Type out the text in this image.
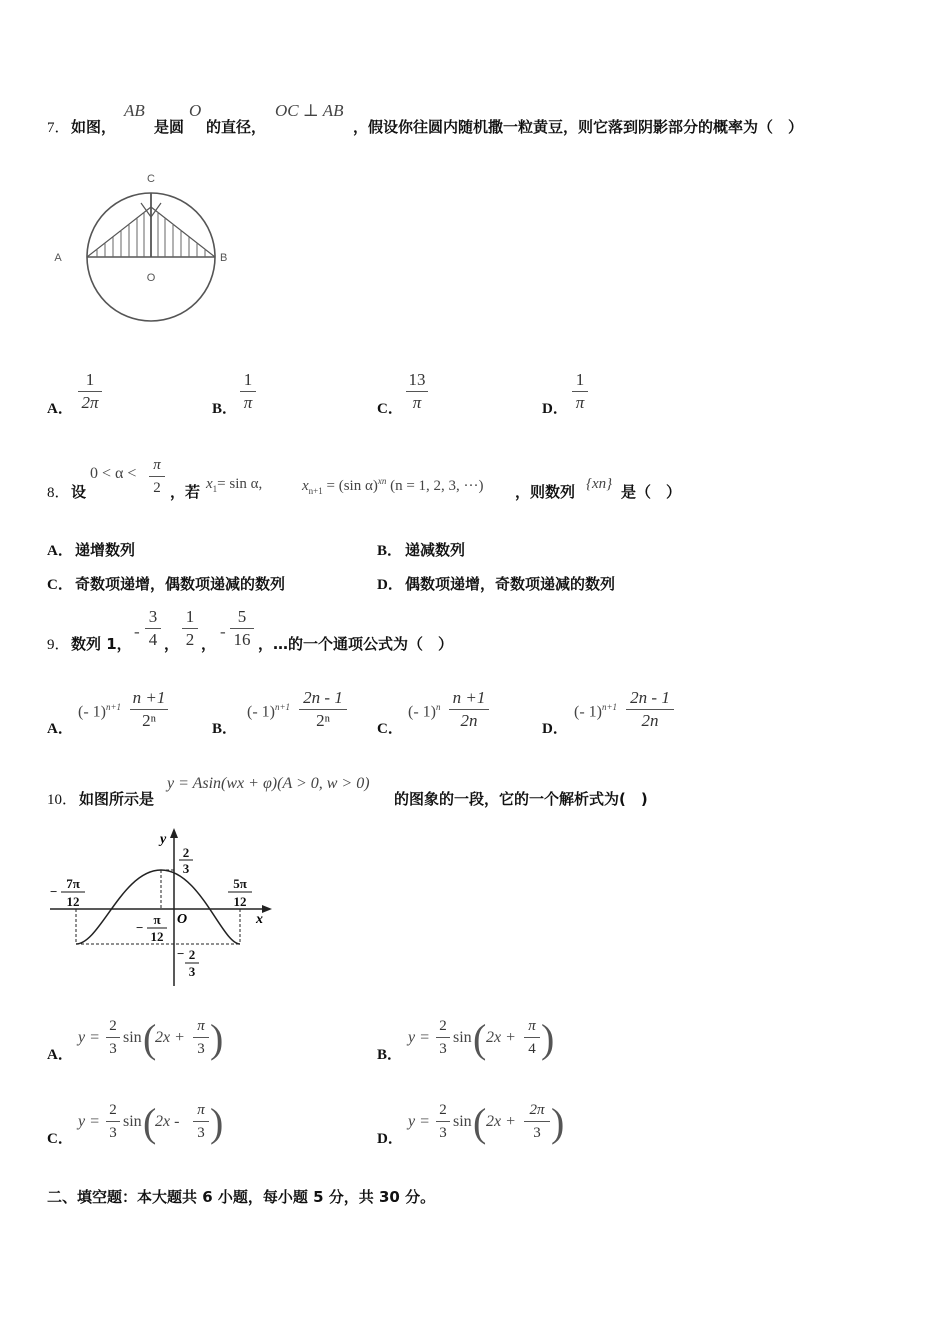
7． 如图，
AB
是圆
O
的直径，
OC ⊥ AB
，假设你往圆内随机撒一粒黄豆，则它落到阴影部分的概率为（　）
C
A	B
O
A．
1
2π	B．
1
π	C．
13
π	D．
1
π
8． 设
0 < α < π
2 ，若 $x_1= \sin \alpha$,	$x_{n+1} = (\sin$ α)$^{xn}$ (n = 1, 2, 3, ···) ，则数列 {xn} 是（　）
A． 递增数列	B． 递减数列
C． 奇数项递增，偶数项递减的数列	D． 偶数项递增，奇数项递减的数列
9． 数列 1，
-
3
4 ，
1
2 ，
-
5
16 ，…的一个通项公式为（　）
A．
(- 1)$^{n+1}$ n +1
2ⁿ	B．
(- 1)$^{n+1}$ 2n - 1
2ⁿ	C．
(- 1)$^n$ n +1
2n	D．
(- 1)$^{n+1}$ 2n - 1
2n
10． 如图所示是
y = Asin(wx + φ)(A > 0, w > 0)
的图象的一段，它的一个解析式为(　)
y
x
O
2
3
− 2
3
−
7π
12
5π
12
−
π
12
A．
y =
2
3
sin (
2x +
π
3 )	B．
y =
2
3
sin ( 2x +
π
4 )
C．
y =
2
3
sin (
2x -
π
3 )	D．
y =
2
3
sin ( 2x +
2π
3 )
二、填空题：本大题共 6 小题，每小题 5 分，共 30 分。
